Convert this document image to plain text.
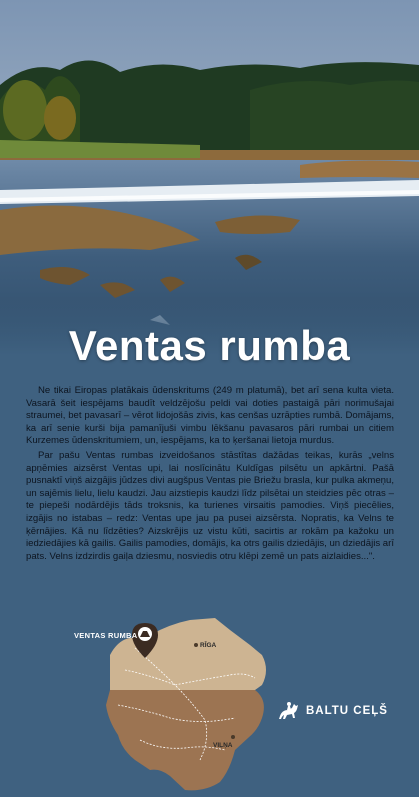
Ventas rumba

Ne tikai Eiropas platākais ūdenskritums (249 m platumā), bet arī sena kulta vieta. Vasarā šeit iespējams baudīt veldzējošu peldi vai doties pastaigā pāri norimušajai straumei, bet pavasarī – vērot lidojošās zivis, kas cenšas uzrāpties rumbā. Domājams, ka arī senie kurši bija pamanījuši vimbu lēkšanu pavasaros pāri rumbai un citiem Kurzemes ūdenskritumiem, un, iespējams, ka to ķeršanai lietoja murdus.

Par pašu Ventas rumbas izveidošanos stāstītas dažādas teikas, kurās „velns apņēmies aizsērst Ventas upi, lai noslīcinātu Kuldīgas pilsētu un apkārtni. Pašā pusnaktī viņš aizgājis jūdzes divi augšpus Ventas pie Briežu brasla, kur pulka akmeņu, un sajēmis lielu, lielu kaudzi. Jau aizstiepis kaudzi līdz pilsētai un steidzies pēc otras – te piepeši nodārdējis tāds troksnis, ka turienes virsaitis pamodies. Viņš piecēlies, izgājis no istabas – redz: Ventas upe jau pa pusei aizsērsta. Nopratis, ka Velns te ķērnājies. Kā nu līdzēties? Aizskrējis uz vistu kūti, sacirtis ar rokām pa kažoku un iedziedājies kā gailis. Gailis pamodies, domājis, ka otrs gailis dziedājis, un dziedājis arī pats. Velns izdzirdis gaiļa dziesmu, nosviedis otru klēpi zemē un pats aizlaidies...".

VENTAS RUMBA
RĪGA
VIĻŅA
BALTU CEĻŠ
